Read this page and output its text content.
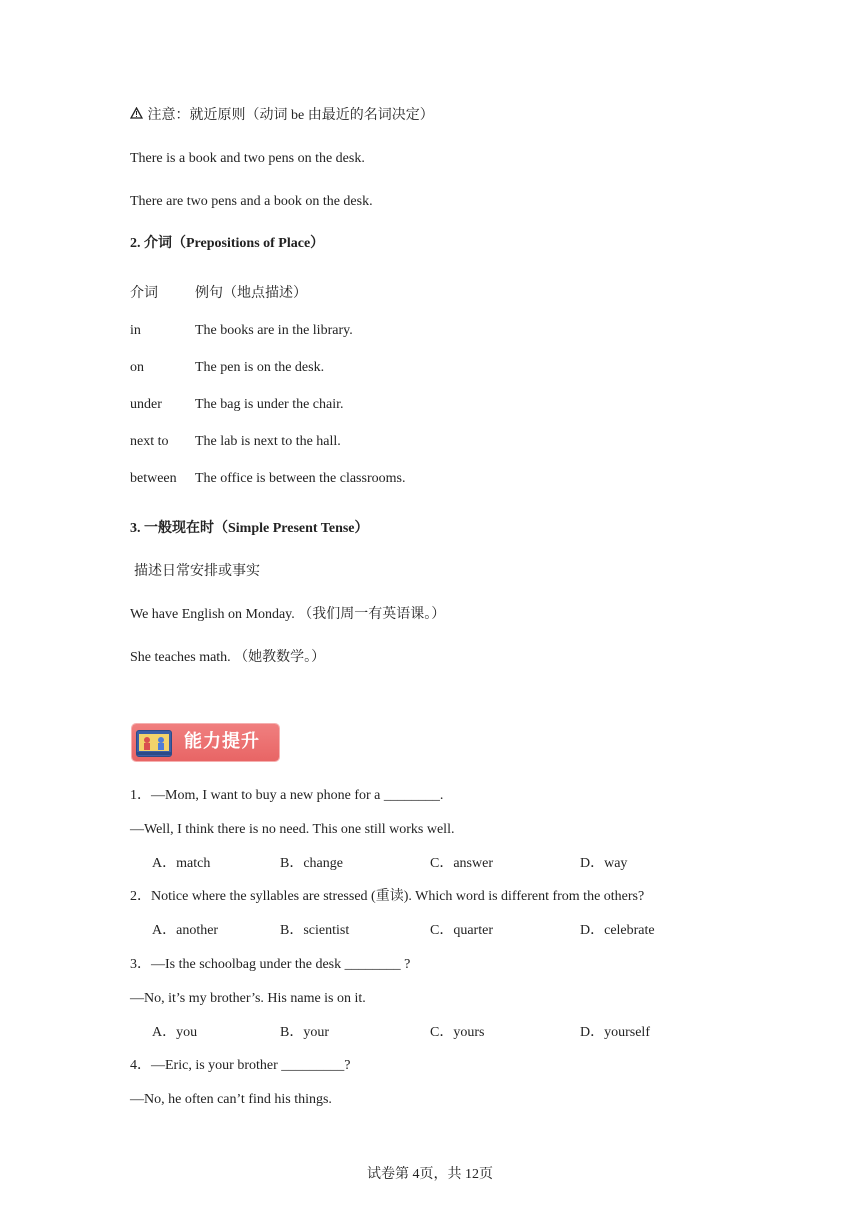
注意：就近原则（动词 be 由最近的名词决定）
There is a book and two pens on the desk.
There are two pens and a book on the desk.
2. 介词（Prepositions of Place）
介词	例句（地点描述）
in	The books are in the library.
on	The pen is on the desk.
under The bag is under the chair.
next to The lab is next to the hall.
between The office is between the classrooms.
3. 一般现在时（Simple Present Tense）
描述日常安排或事实
We have English on Monday. （我们周一有英语课。）
She teaches math. （她教数学。）
能力提升
1．—Mom, I want to buy a new phone for a ________.
—Well, I think there is no need. This one still works well.
A．match	B．change	C．answer	D．way
2．Notice where the syllables are stressed (重读). Which word is different from the others?
A．another	B．scientist	C．quarter	D．celebrate
3．—Is the schoolbag under the desk ________ ?
—No, it’s my brother’s. His name is on it.
A．you	B．your	C．yours	D．yourself
4．—Eric, is your brother _________?
—No, he often can’t find his things.
试卷第 4页，共 12页
